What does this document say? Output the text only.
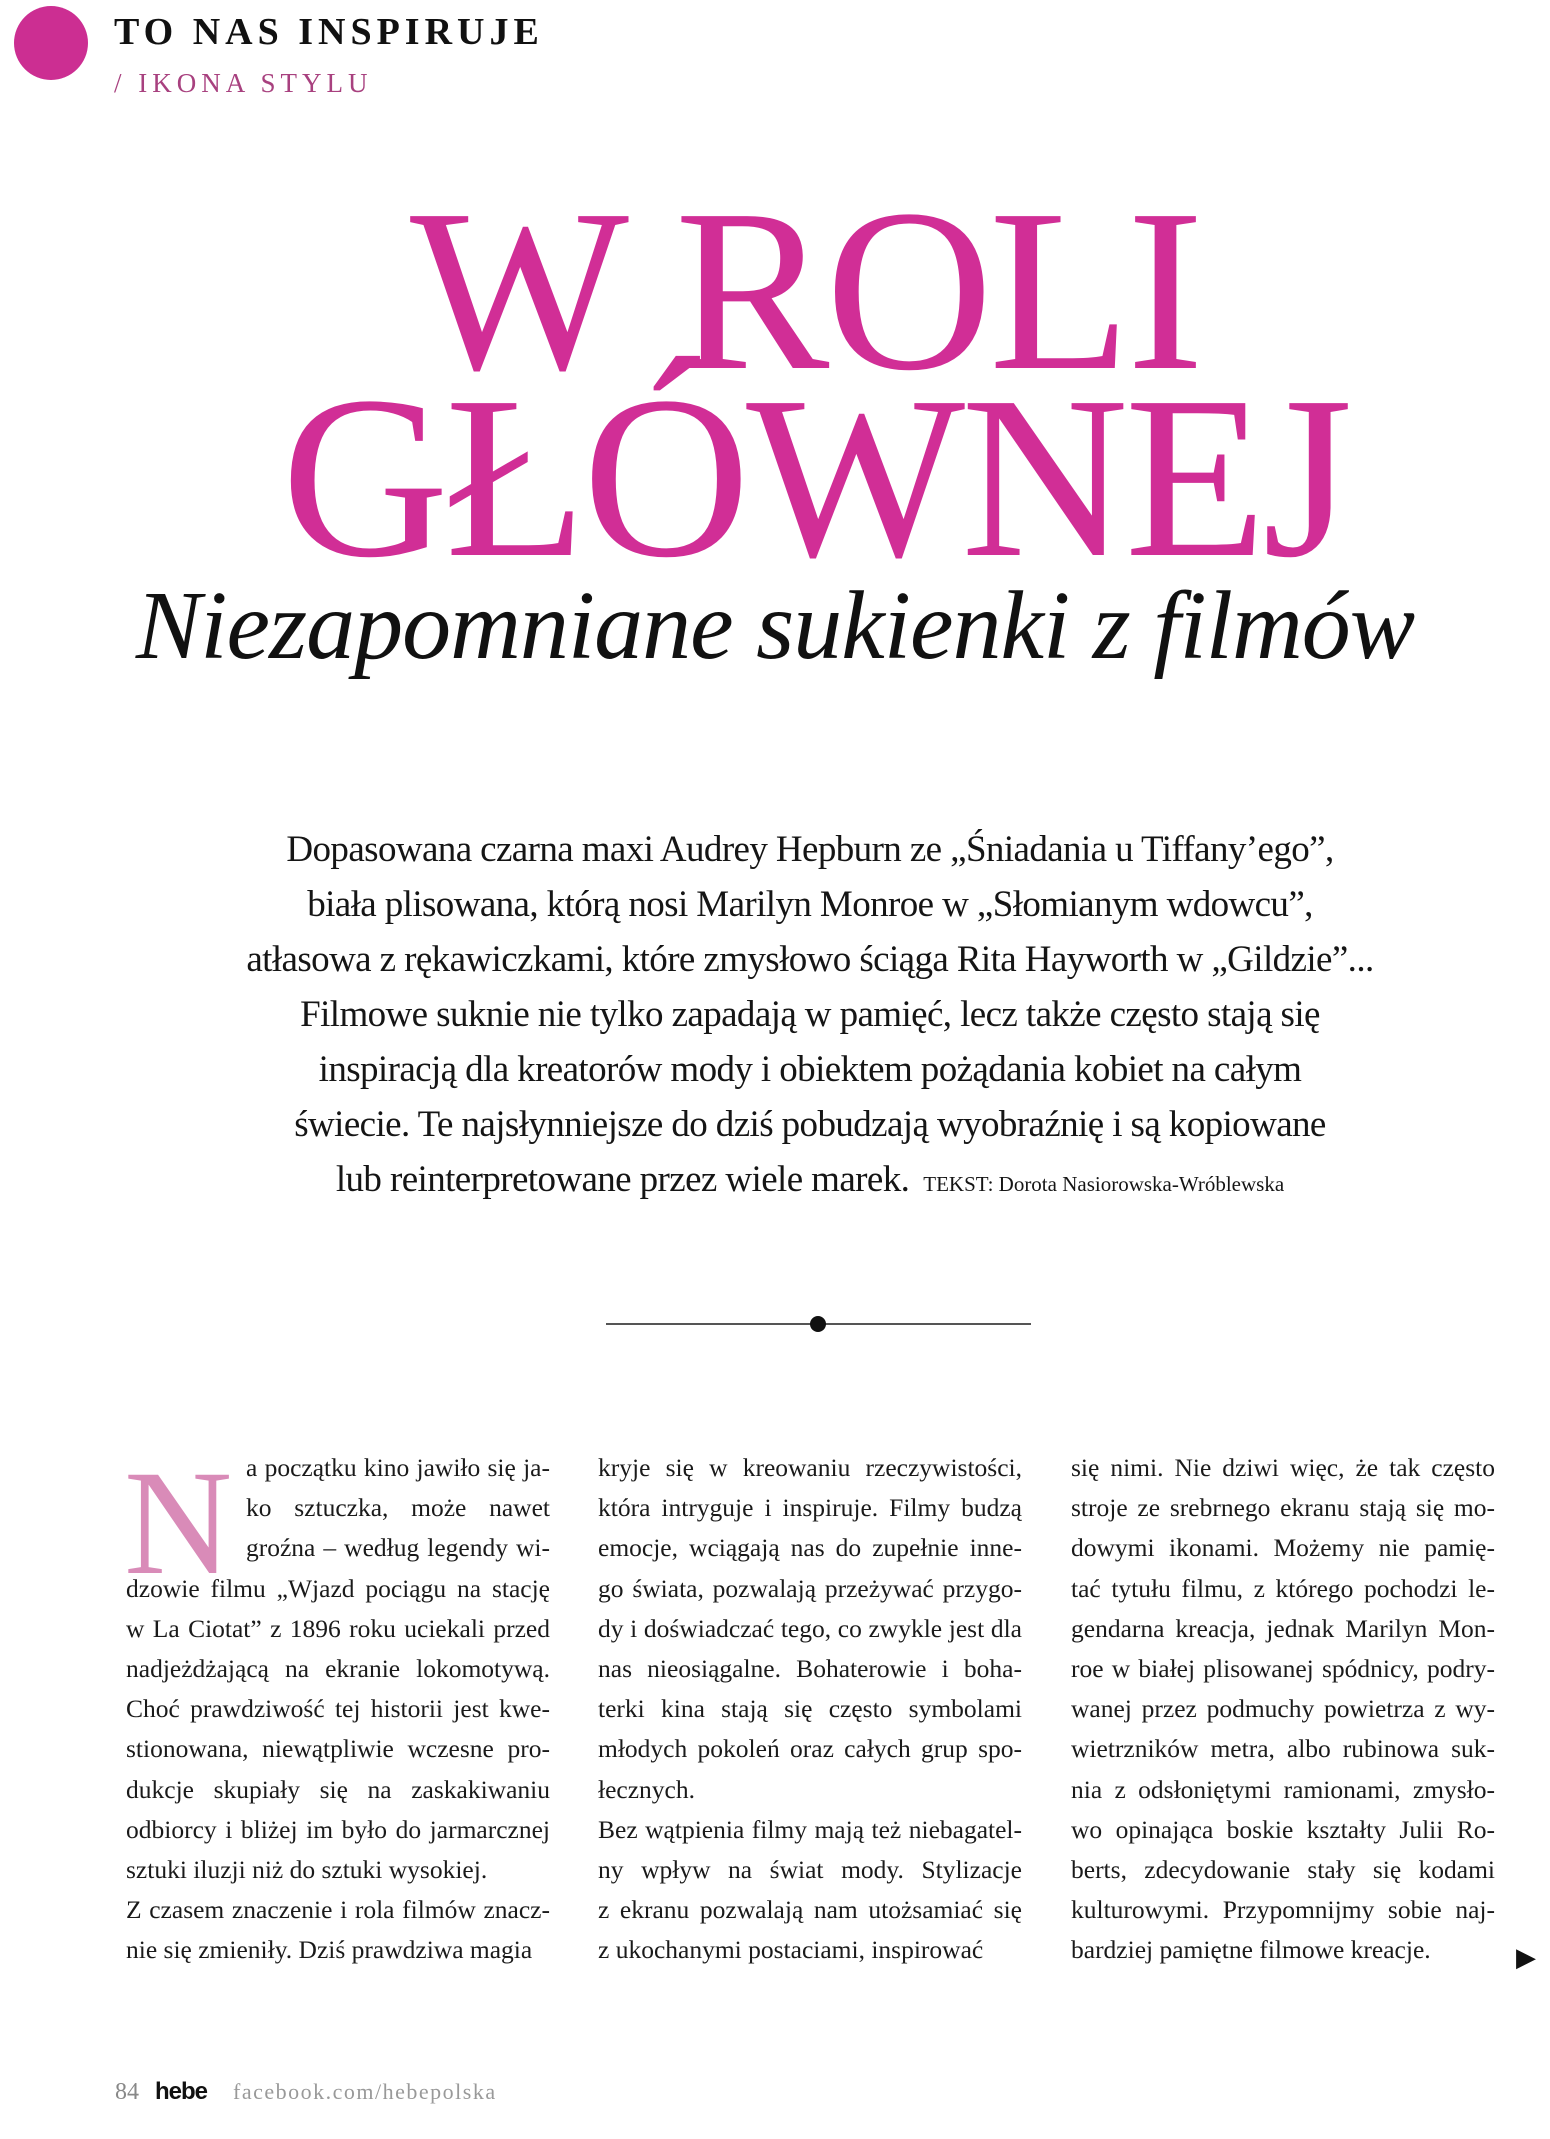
TO NAS INSPIRUJE
/ IKONA STYLU
W ROLI
GŁÓWNEJ
Niezapomniane sukienki z filmów
Dopasowana czarna maxi Audrey Hepburn ze „Śniadania u Tiffany’ego”,
biała plisowana, którą nosi Marilyn Monroe w „Słomianym wdowcu”,
atłasowa z rękawiczkami, które zmysłowo ściąga Rita Hayworth w „Gildzie”...
Filmowe suknie nie tylko zapadają w pamięć, lecz także często stają się
inspiracją dla kreatorów mody i obiektem pożądania kobiet na całym
świecie. Te najsłynniejsze do dziś pobudzają wyobraźnię i są kopiowane
lub reinterpretowane przez wiele marek. TEKST: Dorota Nasiorowska-Wróblewska
N a początku kino jawiło się ja-
ko sztuczka, może nawet
groźna – według legendy wi-
dzowie filmu „Wjazd pociągu na stację
w La Ciotat” z 1896 roku uciekali przed
nadjeżdżającą na ekranie lokomotywą.
Choć prawdziwość tej historii jest kwe-
stionowana, niewątpliwie wczesne pro-
dukcje skupiały się na zaskakiwaniu
odbiorcy i bliżej im było do jarmarcznej
sztuki iluzji niż do sztuki wysokiej.
Z czasem znaczenie i rola filmów znacz-
nie się zmieniły. Dziś prawdziwa magia
kryje się w kreowaniu rzeczywistości,
która intryguje i inspiruje. Filmy budzą
emocje, wciągają nas do zupełnie inne-
go świata, pozwalają przeżywać przygo-
dy i doświadczać tego, co zwykle jest dla
nas nieosiągalne. Bohaterowie i boha-
terki kina stają się często symbolami
młodych pokoleń oraz całych grup spo-
łecznych.
Bez wątpienia filmy mają też niebagatel-
ny wpływ na świat mody. Stylizacje
z ekranu pozwalają nam utożsamiać się
z ukochanymi postaciami, inspirować
się nimi. Nie dziwi więc, że tak często
stroje ze srebrnego ekranu stają się mo-
dowymi ikonami. Możemy nie pamię-
tać tytułu filmu, z którego pochodzi le-
gendarna kreacja, jednak Marilyn Mon-
roe w białej plisowanej spódnicy, podry-
wanej przez podmuchy powietrza z wy-
wietrzników metra, albo rubinowa suk-
nia z odsłoniętymi ramionami, zmysło-
wo opinająca boskie kształty Julii Ro-
berts, zdecydowanie stały się kodami
kulturowymi. Przypomnijmy sobie naj-
bardziej pamiętne filmowe kreacje.	▶
84 hebe facebook.com/hebepolska
